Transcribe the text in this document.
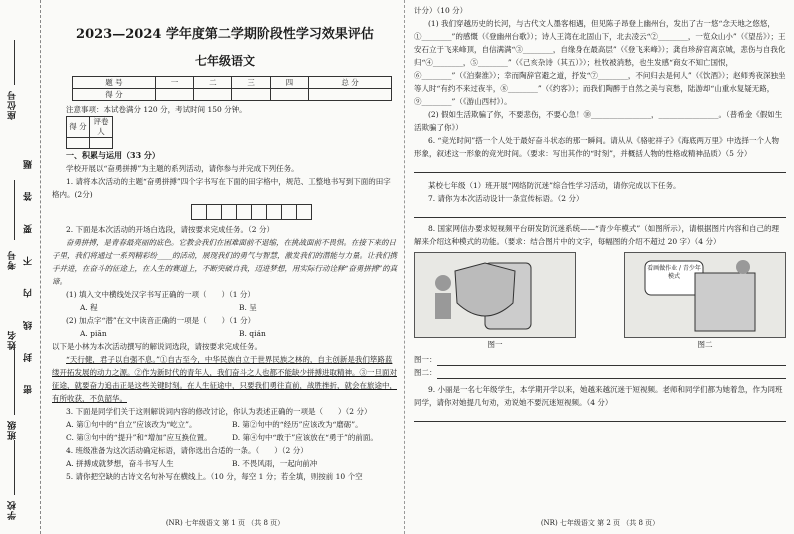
座位号
考号
姓名
班级
学校
密 封 线 内 不 要 答 题
2023—2024 学年度第二学期阶段性学习效果评估
七年级语文
题 号	一	二	三	四	总 分
得 分					
注意事项：本试卷满分 120 分，考试时间 150 分钟。
得 分	评卷人

一、积累与运用（33 分）

学校开展以“奋勇拼搏”为主题的系列活动，请你参与并完成下列任务。

1. 请将本次活动的主题“奋勇拼搏”四个字书写在下面的田字格中，规范、工整地书写到下面的田字格内。(2分)

2. 下面是本次活动的开场白选段，请按要求完成任务。（2 分）

奋勇拼搏，是青春最亮丽的底色。它教会我们在困难面前不退缩，在挑战面前不畏惧。在接下来的日子里，我们将通过一系列精彩纷____的活动，展现我们的勇气与智慧，激发我们的潜能与力量。让我们携手并进，在奋斗的征途上，在人生的赛道上，不断突破自我，迈进梦想，用实际行动诠释“奋勇拼搏”的真谛。

(1) 填入文中横线处汉字书写正确的一项（　　）（1 分）

A. 程	B. 呈

(2) 加点字“潜”在文中读音正确的一项是（　　）（1 分）

A. piān	B. qián

以下是小林为本次活动撰写的解说词选段，请按要求完成任务。

“天行健，君子以自强不息。”①自古至今，中华民族自立于世界民族之林的，自主创新是我们筚路蓝缕开拓发展的动力之源。②作为新时代的青年人，我们奋斗之人也都不能缺少拼搏进取精神。③一旦面对征途，就要奋力追击正是这些关键时刻。在人生征途中，只要我们勇往直前，战胜挫折，就会在旅途中，有所收获，不负韶华。

3. 下面是同学们关于这则解说词内容的修改讨论，你认为表述正确的一项是（　　）（2 分）

A. 第①句中的“自立”应该改为“屹立”。	B. 第②句中的“经历”应该改为“磨砺”。
C. 第③句中的“提升”和“增加”应互换位置。	D. 第④句中“敢于”应该放在“勇于”的前面。

4. 班级准备为这次活动确定标语，请你选出合适的一条。（　　）（2 分）

A. 拼搏成就梦想，奋斗书写人生	B. 不畏风雨，一起向前冲

5. 请你把空缺的古诗文名句补写在横线上。（10 分，每空 1 分；若全填，则按前 10 个空

(NR) 七年级语文 第 1 页 （共 8 页）

计分）（10 分）

(1) 我们穿越历史的长河，与古代文人墨客相遇，但见陈子昂登上幽州台，发出了古一悠“念天地之悠悠，①________”的感慨（《登幽州台歌》）；诗人王湾在北固山下，北去凌云“②________，一览众山小”（《望岳》）；王安石立于飞来峰顶，自信满满“③________，自缘身在最高层”（《登飞来峰》）；龚自珍辞官离京城，悲伤与自我化归“④________，⑤________”（《己亥杂诗（其五）》）；杜牧被消愁，也生发感“商女不知亡国恨，⑥________”（《泊秦淮》）；幸而陶辞官避之道，抒发“⑦________，不问归去是何人”（《饮酒》）；赵师秀夜深独坐等人时“有约不来过夜半，⑧________”（《约客》）；而我们陶醉于自然之美与哀愁，陆游却“山重水复疑无路，⑨________”（《游山西村》）。

(2) 假如生活欺骗了你，不要悲伤，不要心急！⑩________________，________________。（普希金《假如生活欺骗了你》）

6. “竞光时间”搭一个人处于最好奋斗状态的那一瞬间。请从从《骆驼祥子》《海底两万里》中选择一个人物形象，叙述这一形象的竞光时间。（要求：写出其作的“时刻”，并概括人物的性格或精神品质）（5 分）

某校七年级（1）班开展“网络防沉迷”综合性学习活动，请你完成以下任务。

7. 请你为本次活动设计一条宣传标语。（2 分）

8. 国家网信办要求短视频平台研发防沉迷系统——“青少年模式”（如图所示），请根据图片内容和自己的理解来介绍这种模式的功能。（要求：结合图片中的文字，每幅图的介绍不超过 20 字）（4 分）

图一
看画做作业 / 青少年模式
图二
图一：
图二：

9. 小丽是一名七年级学生，本学期开学以来，她越来越沉迷于短视频。老师和同学们都为她着急，作为同班同学，请你对她提几句劝，劝说她不要沉迷短视频。（4 分）

(NR) 七年级语文 第 2 页 （共 8 页）
